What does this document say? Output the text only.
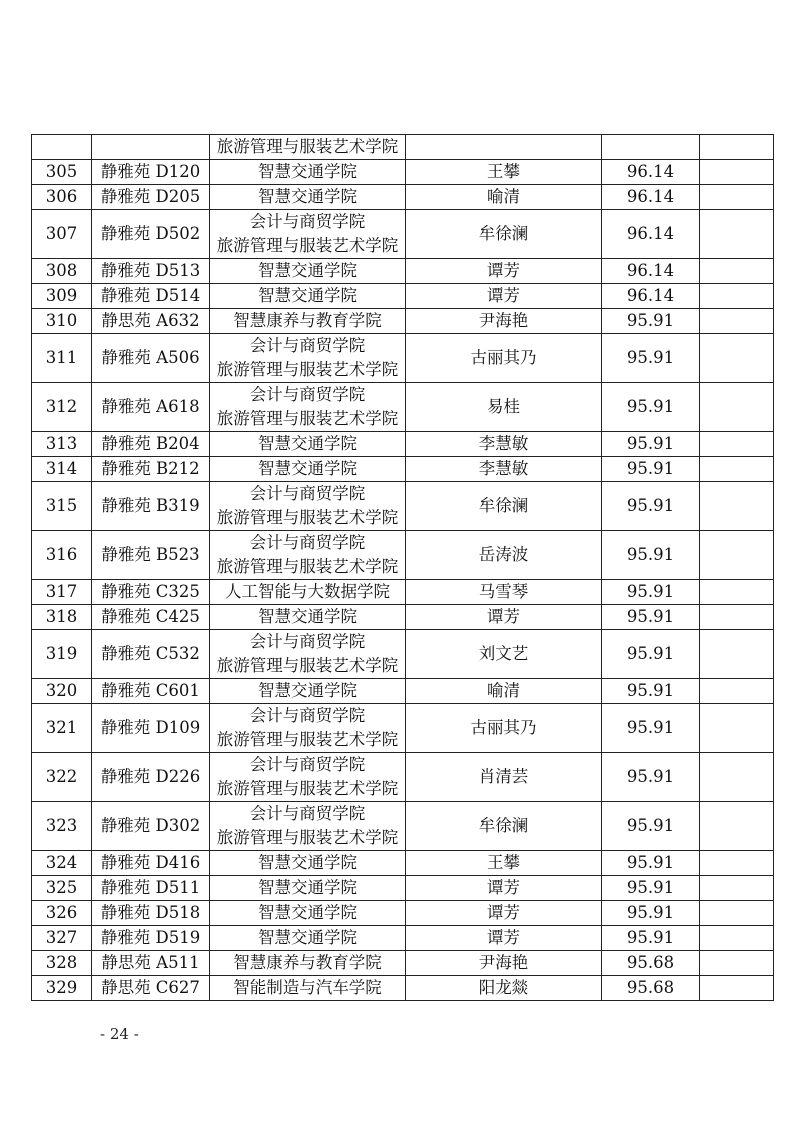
		旅游管理与服装艺术学院			

305	静雅苑 D120	智慧交通学院	王攀	96.14	
306	静雅苑 D205	智慧交通学院	喻清	96.14	
307	静雅苑 D502	会计与商贸学院
旅游管理与服装艺术学院	牟徐澜	96.14	
308	静雅苑 D513	智慧交通学院	谭芳	96.14	
309	静雅苑 D514	智慧交通学院	谭芳	96.14	
310	静思苑 A632	智慧康养与教育学院	尹海艳	95.91	
311	静雅苑 A506	会计与商贸学院
旅游管理与服装艺术学院	古丽其乃	95.91	
312	静雅苑 A618	会计与商贸学院
旅游管理与服装艺术学院	易桂	95.91	
313	静雅苑 B204	智慧交通学院	李慧敏	95.91	
314	静雅苑 B212	智慧交通学院	李慧敏	95.91	
315	静雅苑 B319	会计与商贸学院
旅游管理与服装艺术学院	牟徐澜	95.91	
316	静雅苑 B523	会计与商贸学院
旅游管理与服装艺术学院	岳涛波	95.91	
317	静雅苑 C325	人工智能与大数据学院	马雪琴	95.91	
318	静雅苑 C425	智慧交通学院	谭芳	95.91	
319	静雅苑 C532	会计与商贸学院
旅游管理与服装艺术学院	刘文艺	95.91	
320	静雅苑 C601	智慧交通学院	喻清	95.91	
321	静雅苑 D109	会计与商贸学院
旅游管理与服装艺术学院	古丽其乃	95.91	
322	静雅苑 D226	会计与商贸学院
旅游管理与服装艺术学院	肖清芸	95.91	
323	静雅苑 D302	会计与商贸学院
旅游管理与服装艺术学院	牟徐澜	95.91	
324	静雅苑 D416	智慧交通学院	王攀	95.91	
325	静雅苑 D511	智慧交通学院	谭芳	95.91	
326	静雅苑 D518	智慧交通学院	谭芳	95.91	
327	静雅苑 D519	智慧交通学院	谭芳	95.91	
328	静思苑 A511	智慧康养与教育学院	尹海艳	95.68	
329	静思苑 C627	智能制造与汽车学院	阳龙燚	95.68	
- 24 -
